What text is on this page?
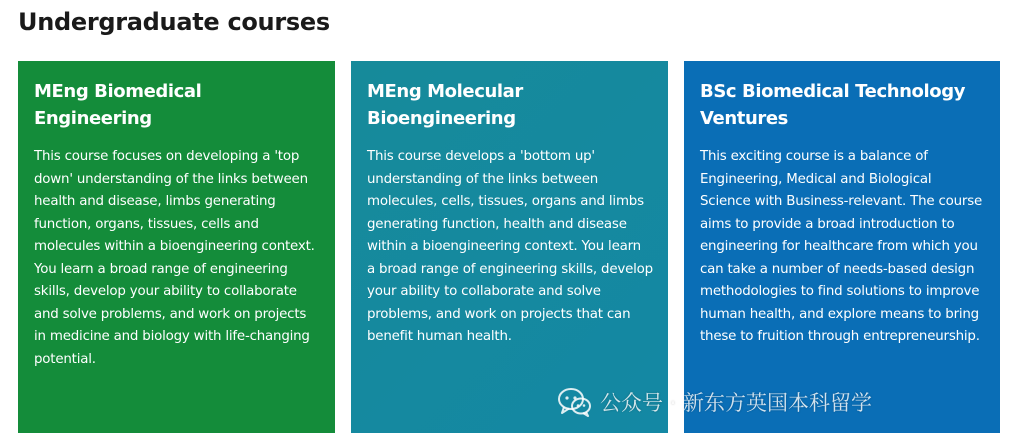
Undergraduate courses
MEng Biomedical Engineering

This course focuses on developing a 'top down' understanding of the links between health and disease, limbs generating function, organs, tissues, cells and molecules within a bioengineering context. You learn a broad range of engineering skills, develop your ability to collaborate and solve problems, and work on projects in medicine and biology with life-changing potential.

MEng Molecular Bioengineering

This course develops a 'bottom up' understanding of the links between molecules, cells, tissues, organs and limbs generating function, health and disease within a bioengineering context. You learn a broad range of engineering skills, develop your ability to collaborate and solve problems, and work on projects that can benefit human health.

BSc Biomedical Technology Ventures

This exciting course is a balance of Engineering, Medical and Biological Science with Business-relevant. The course aims to provide a broad introduction to engineering for healthcare from which you can take a number of needs-based design methodologies to find solutions to improve human health, and explore means to bring these to fruition through entrepreneurship.

公众号 · 新东方英国本科留学
